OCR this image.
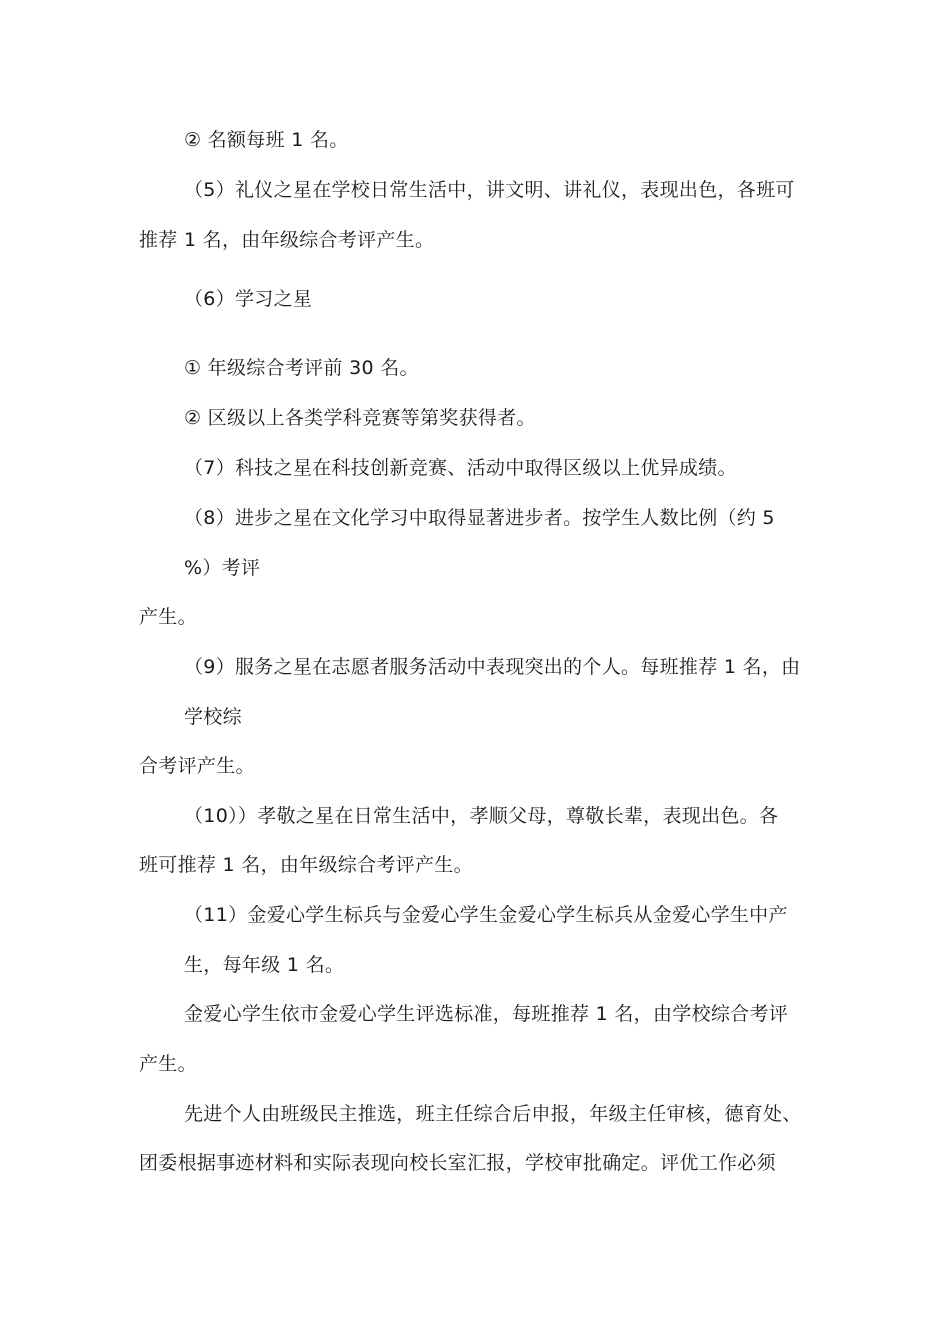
② 名额每班 1 名。
（5）礼仪之星在学校日常生活中，讲文明、讲礼仪，表现出色，各班可
推荐 1 名，由年级综合考评产生。
（6）学习之星
① 年级综合考评前 30 名。
② 区级以上各类学科竞赛等第奖获得者。
（7）科技之星在科技创新竞赛、活动中取得区级以上优异成绩。
（8）进步之星在文化学习中取得显著进步者。按学生人数比例（约 5
%）考评
产生。
（9）服务之星在志愿者服务活动中表现突出的个人。每班推荐 1 名，由
学校综
合考评产生。
（10））孝敬之星在日常生活中，孝顺父母，尊敬长辈，表现出色。各
班可推荐 1 名，由年级综合考评产生。
（11）金爱心学生标兵与金爱心学生金爱心学生标兵从金爱心学生中产
生，每年级 1 名。
金爱心学生依市金爱心学生评选标准，每班推荐 1 名，由学校综合考评
产生。
先进个人由班级民主推选，班主任综合后申报，年级主任审核，德育处、
团委根据事迹材料和实际表现向校长室汇报，学校审批确定。评优工作必须
